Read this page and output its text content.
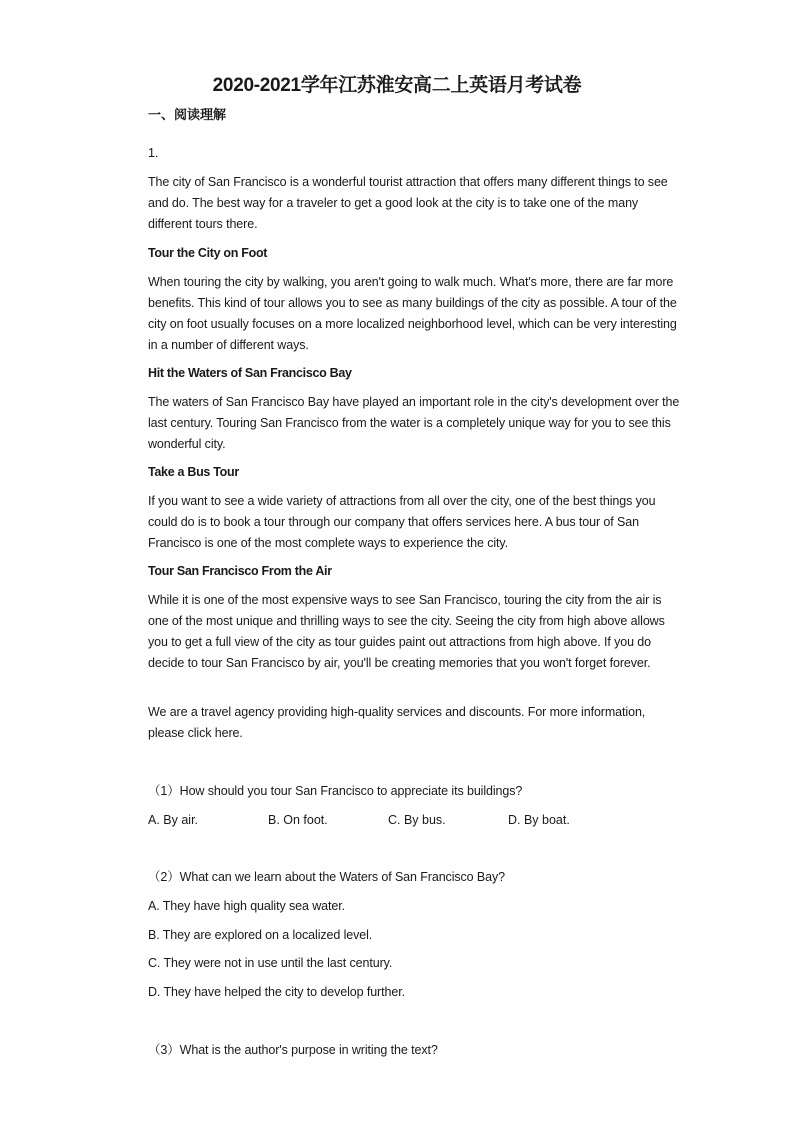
2020-2021学年江苏淮安高二上英语月考试卷
一、阅读理解
1.
The city of San Francisco is a wonderful tourist attraction that offers many different things to see and do. The best way for a traveler to get a good look at the city is to take one of the many different tours there.
Tour the City on Foot
When touring the city by walking, you aren't going to walk much. What's more, there are far more benefits. This kind of tour allows you to see as many buildings of the city as possible. A tour of the city on foot usually focuses on a more localized neighborhood level, which can be very interesting in a number of different ways.
Hit the Waters of San Francisco Bay
The waters of San Francisco Bay have played an important role in the city's development over the last century. Touring San Francisco from the water is a completely unique way for you to see this wonderful city.
Take a Bus Tour
If you want to see a wide variety of attractions from all over the city, one of the best things you could do is to book a tour through our company that offers services here. A bus tour of San Francisco is one of the most complete ways to experience the city.
Tour San Francisco From the Air
While it is one of the most expensive ways to see San Francisco, touring the city from the air is one of the most unique and thrilling ways to see the city. Seeing the city from high above allows you to get a full view of the city as tour guides paint out attractions from high above. If you do decide to tour San Francisco by air, you'll be creating memories that you won't forget forever.
We are a travel agency providing high-quality services and discounts. For more information, please click here.
（1）How should you tour San Francisco to appreciate its buildings?
A. By air.	B. On foot.	C. By bus.	D. By boat.
（2）What can we learn about the Waters of San Francisco Bay?
A. They have high quality sea water.
B. They are explored on a localized level.
C. They were not in use until the last century.
D. They have helped the city to develop further.
（3）What is the author's purpose in writing the text?
